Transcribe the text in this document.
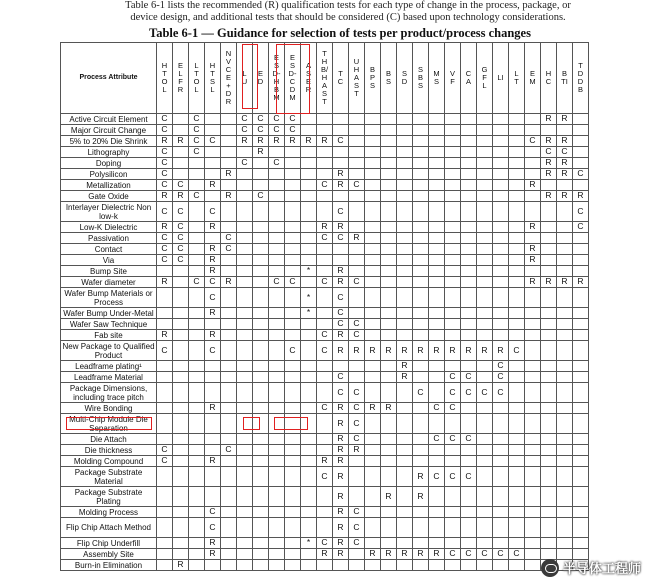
Table 6-1 lists the recommended (R) qualification tests for each type of change in the process, package, or
device design, and additional tests that should be considered (C) based upon technology considerations.
Table 6-1 — Guidance for selection of tests per product/process changes
Process Attribute	HTOL	ELFR	LTOL	HTSL	NVCE+DR	LU	ED	ESD-HBM	ESD-CDM	ASER	THB/HAST	TC	UHAST	BPS	BS	SD	SBS	MS	VF	CA	GFL	LI	LT	EM	HC	BTI	TDDB
Active Circuit Element	C		C			C	C	C	C																R	R	
Major Circuit Change	C		C			C	C	C	C																		
5% to 20% Die Shrink	R	R	C	C		R	R	R	R	R	R	C												C	R	R	
Lithography	C		C				R																		C	C	
Doping	C					C		C																	R	R	
Polysilicon	C				R							R													R	R	C
Metallization	C	C		R							C	R	C											R			
Gate Oxide	R	R	C		R		C																		R	R	R
Interlayer Dielectric Non low-k	C	C		C								C															C
Low-K Dielectric	R	C		R							R	R												R			C
Passivation	C	C			C						C	C	R														
Contact	C	C		R	C																			R			
Via	C	C		R																				R			
Bump Site				R						*		R															
Wafer diameter	R		C	C	R			C	C		C	R	C											R	R	R	R
Wafer Bump Materials or Process				C						*		C															
Wafer Bump Under-Metal				R						*		C															
Wafer Saw Technique												C	C														
Fab site	R			R							C	R	C														
New Package to Qualified Product	C			C					C		C	R	R	R	R	R	R	R	R	R	R	R	C				
Leadframe plating¹																R						C					
Leadframe Material												C				R			C	C		C					
Package Dimensions, including trace pitch												C	C				C		C	C	C	C					
Wire Bonding				R							C	R	C	R	R			C	C								
Multi-Chip Module Die Separation												R	C														
Die Attach												R	C					C	C	C							
Die thickness	C				C							R	R														
Molding Compound	C			R							R	R															
Package Substrate Material											C	R					R	C	C	C							
Package Substrate Plating												R			R		R										
Molding Process				C								R	C														
Flip Chip Attach Method				C								R	C														
Flip Chip Underfill				R						*	C	R	C														
Assembly Site				R							R	R		R	R	R	R	R	C	C	C	C	C				
Burn-in Elimination		R																										半导体工程师
